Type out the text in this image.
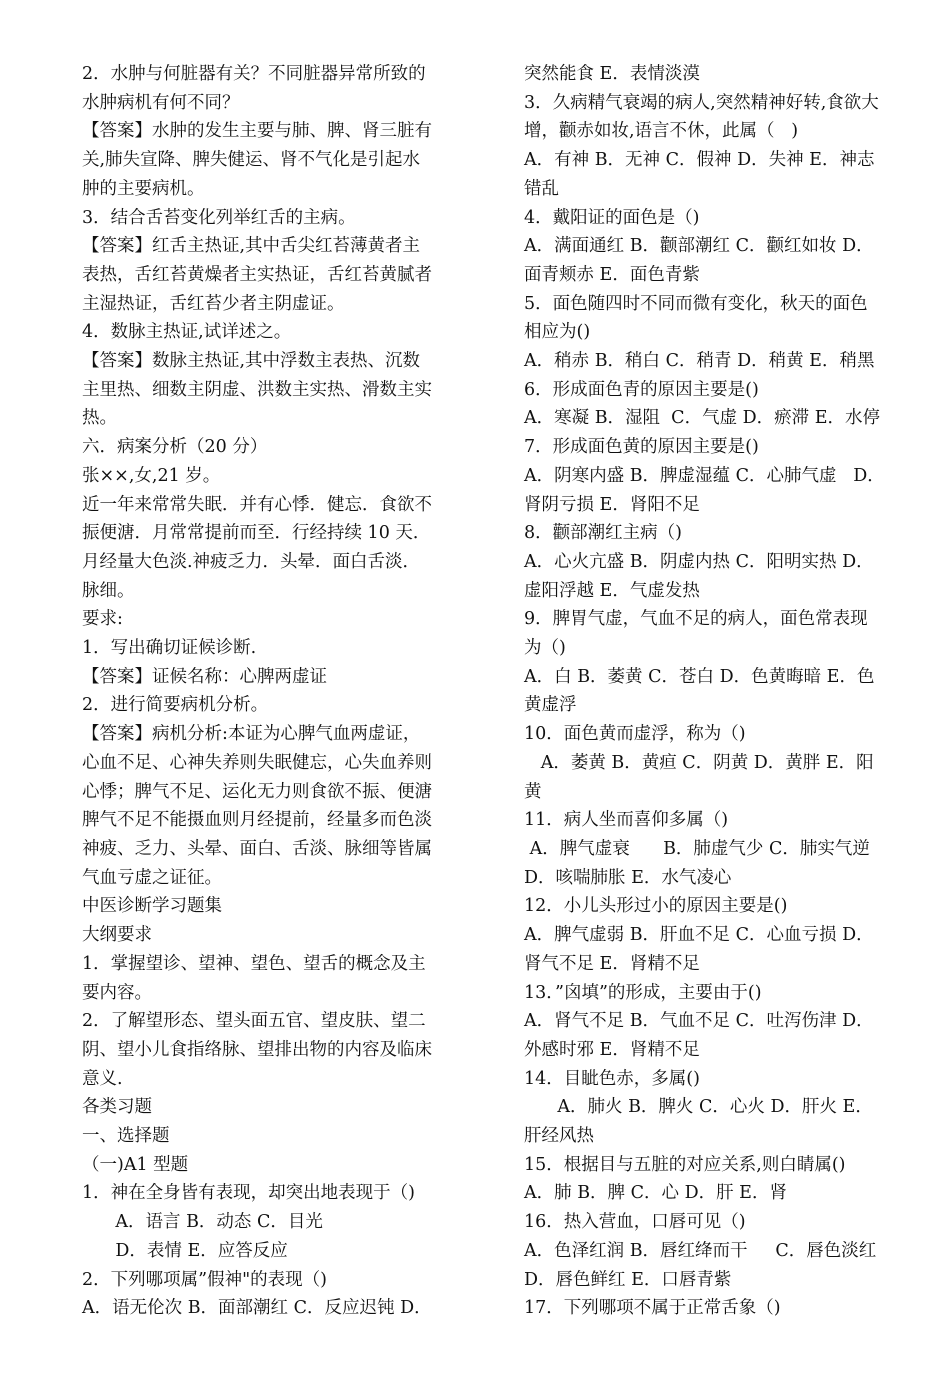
2．水肿与何脏器有关？不同脏器异常所致的
水肿病机有何不同？
【答案】水肿的发生主要与肺、脾、肾三脏有
关,肺失宣降、脾失健运、肾不气化是引起水
肿的主要病机。
3．结合舌苔变化列举红舌的主病。
【答案】红舌主热证,其中舌尖红苔薄黄者主
表热，舌红苔黄燥者主实热证，舌红苔黄腻者
主湿热证，舌红苔少者主阴虚证。
4．数脉主热证,试详述之。
【答案】数脉主热证,其中浮数主表热、沉数
主里热、细数主阴虚、洪数主实热、滑数主实
热。
六．病案分析（20 分）
张××,女,21 岁。
近一年来常常失眠．并有心悸．健忘．食欲不
振便溏．月常常提前而至．行经持续 10 天．
月经量大色淡.神疲乏力．头晕．面白舌淡．
脉细。
要求:
1．写出确切证候诊断.
【答案】证候名称：心脾两虚证
2．进行简要病机分析。
【答案】病机分析:本证为心脾气血两虚证，
心血不足、心神失养则失眠健忘，心失血养则
心悸；脾气不足、运化无力则食欲不振、便溏
脾气不足不能摄血则月经提前，经量多而色淡
神疲、乏力、头晕、面白、舌淡、脉细等皆属
气血亏虚之证征。
中医诊断学习题集
大纲要求
1．掌握望诊、望神、望色、望舌的概念及主
要内容。
2．了解望形态、望头面五官、望皮肤、望二
阴、望小儿食指络脉、望排出物的内容及临床
意义.
各类习题
一、选择题
（一)A1 型题
1．神在全身皆有表现，却突出地表现于（)
A．语言 B．动态 C．目光
D．表情 E．应答反应
2．下列哪项属”假神"的表现（)
A．语无伦次 B．面部潮红 C．反应迟钝 D．
突然能食 E．表情淡漠
3．久病精气衰竭的病人,突然精神好转,食欲大
增，颧赤如妆,语言不休，此属（   )
A．有神 B．无神 C．假神 D．失神 E．神志
错乱
4．戴阳证的面色是（)
A．满面通红 B．颧部潮红 C．颧红如妆 D．
面青颊赤 E．面色青紫
5．面色随四时不同而微有变化，秋天的面色
相应为()
A．稍赤 B．稍白 C．稍青 D．稍黄 E．稍黑
6．形成面色青的原因主要是()
A．寒凝 B．湿阻  C．气虚 D．瘀滞 E．水停
7．形成面色黄的原因主要是()
A．阴寒内盛 B．脾虚湿蕴 C．心肺气虚   D．
肾阴亏损 E．肾阳不足
8．颧部潮红主病（)
A．心火亢盛 B．阴虚内热 C．阳明实热 D．
虚阳浮越 E．气虚发热
9．脾胃气虚，气血不足的病人，面色常表现
为（)
A．白 B．萎黄 C．苍白 D．色黄晦暗 E．色
黄虚浮
10．面色黄而虚浮，称为（)
A．萎黄 B．黄疸 C．阴黄 D．黄胖 E．阳
黄
11．病人坐而喜仰多属（)
A．脾气虚衰      B．肺虚气少 C．肺实气逆
D．咳喘肺胀 E．水气凌心
12．小儿头形过小的原因主要是()
A．脾气虚弱 B．肝血不足 C．心血亏损 D．
肾气不足 E．肾精不足
13．”囟填”的形成，主要由于()
A．肾气不足 B．气血不足 C．吐泻伤津 D．
外感时邪 E．肾精不足
14．目眦色赤，多属()
A．肺火 B．脾火 C．心火 D．肝火 E．
肝经风热
15．根据目与五脏的对应关系,则白睛属()
A．肺 B．脾 C．心 D．肝 E．肾
16．热入营血，口唇可见（)
A．色泽红润 B．唇红绛而干     C．唇色淡红
D．唇色鲜红 E．口唇青紫
17．下列哪项不属于正常舌象（)
